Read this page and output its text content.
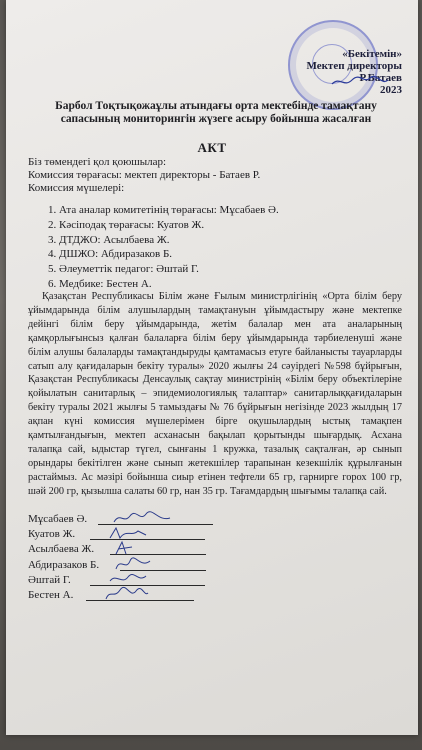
«Бекітемін»
Мектеп директоры
Р.Батаев
2023
Барбол Тоқтықожаұлы атындағы орта мектебінде тамақтану сапасының мониторингін жүзеге асыру бойынша жасалған
АКТ
Біз төмендегі қол қоюшылар:
Комиссия төрағасы: мектеп директоры - Батаев Р.
Комиссия мүшелері:
1. Ата аналар комитетінің төрағасы: Мұсабаев Ә.
2. Кәсіподақ төрағасы: Куатов Ж.
3. ДТДЖО: Асылбаева Ж.
4. ДШЖО: Абдиразаков Б.
5. Әлеуметтік педагог: Әштай Г.
6. Медбике: Бестен А.
Қазақстан Республикасы Білім және Ғылым министрлігінің «Орта білім беру ұйымдарында білім алушылардың тамақтануын ұйымдастыру және мектепке дейінгі білім беру ұйымдарында, жетім балалар мен ата аналарының қамқорлығынсыз қалған балаларға білім беру ұйымдарында тәрбиеленуші және білім алушы балаларды тамақтандыруды қамтамасыз етуге байланысты тауарларды сатып алу қағидаларын бекіту туралы» 2020 жылғы 24 сәуірдегі №598 бұйрығын, Қазақстан Республикасы Денсаулық сақтау министрінің «Білім беру объектілеріне қойылатын санитарлық – эпидемиологиялық талаптар» санитарлыққағидаларын бекіту туралы 2021 жылғы 5 тамыздағы № 76 бұйрығын негізінде 2023 жылдың 17 ақпан күні комиссия мүшелерімен бірге оқушылардың ыстық тамақпен қамтылғандығын, мектеп асханасын бақылап қорытынды шығардық. Асхана талапқа сай, ыдыстар түгел, сынғаны 1 кружка, тазалық сақталған, әр сынып орындары бекітілген және сынып жетекшілер тарапынан кезекшілік құрылғанын растаймыз. Ас мәзірі бойынша сиыр етінен тефтели 65 гр, гарнирге горох 100 гр, шәй 200 гр, қызылша салаты 60 гр, нан 35 гр. Тағамдардың шығымы талапқа сай.
Мұсабаев Ә.
Куатов Ж.
Асылбаева Ж.
Абдиразаков Б.
Әштай Г.
Бестен А.
